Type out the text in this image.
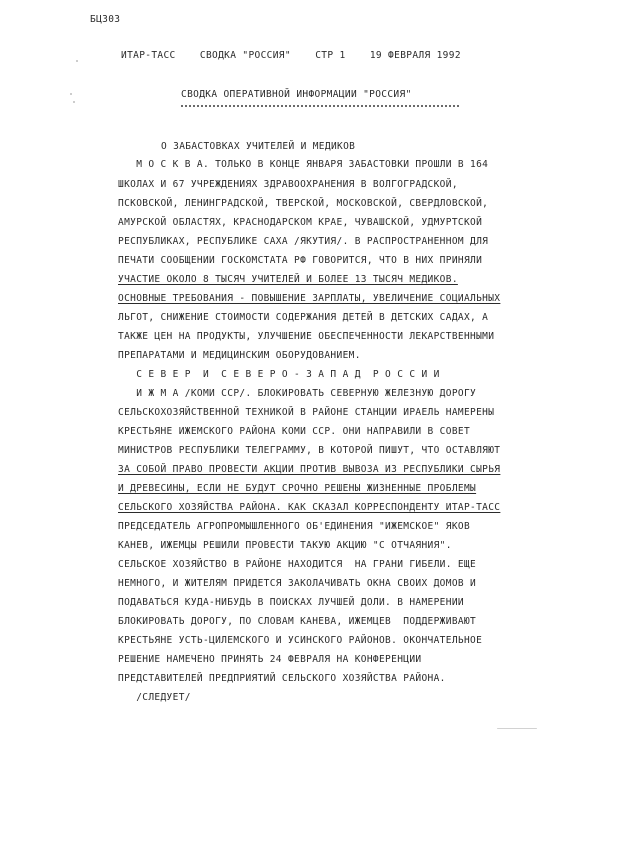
БЦ303
ИТАР-ТАСС    СВОДКА "РОССИЯ"    СТР 1    19 ФЕВРАЛЯ 1992
СВОДКА ОПЕРАТИВНОЙ ИНФОРМАЦИИ "РОССИЯ"
О ЗАБАСТОВКАХ УЧИТЕЛЕЙ И МЕДИКОВ
М О С К В А. ТОЛЬКО В КОНЦЕ ЯНВАРЯ ЗАБАСТОВКИ ПРОШЛИ В 164
ШКОЛАХ И 67 УЧРЕЖДЕНИЯХ ЗДРАВООХРАНЕНИЯ В ВОЛГОГРАДСКОЙ,
ПСКОВСКОЙ, ЛЕНИНГРАДСКОЙ, ТВЕРСКОЙ, МОСКОВСКОЙ, СВЕРДЛОВСКОЙ,
АМУРСКОЙ ОБЛАСТЯХ, КРАСНОДАРСКОМ КРАЕ, ЧУВАШСКОЙ, УДМУРТСКОЙ
РЕСПУБЛИКАХ, РЕСПУБЛИКЕ САХА /ЯКУТИЯ/. В РАСПРОСТРАНЕННОМ ДЛЯ
ПЕЧАТИ СООБЩЕНИИ ГОСКОМСТАТА РФ ГОВОРИТСЯ, ЧТО В НИХ ПРИНЯЛИ
УЧАСТИЕ ОКОЛО 8 ТЫСЯЧ УЧИТЕЛЕЙ И БОЛЕЕ 13 ТЫСЯЧ МЕДИКОВ.
ОСНОВНЫЕ ТРЕБОВАНИЯ - ПОВЫШЕНИЕ ЗАРПЛАТЫ, УВЕЛИЧЕНИЕ СОЦИАЛЬНЫХ
ЛЬГОТ, СНИЖЕНИЕ СТОИМОСТИ СОДЕРЖАНИЯ ДЕТЕЙ В ДЕТСКИХ САДАХ, А
ТАКЖЕ ЦЕН НА ПРОДУКТЫ, УЛУЧШЕНИЕ ОБЕСПЕЧЕННОСТИ ЛЕКАРСТВЕННЫМИ
ПРЕПАРАТАМИ И МЕДИЦИНСКИМ ОБОРУДОВАНИЕМ.
С Е В Е Р  И  С Е В Е Р О - З А П А Д  Р О С С И И
И Ж М А /КОМИ ССР/. БЛОКИРОВАТЬ СЕВЕРНУЮ ЖЕЛЕЗНУЮ ДОРОГУ
СЕЛЬСКОХОЗЯЙСТВЕННОЙ ТЕХНИКОЙ В РАЙОНЕ СТАНЦИИ ИРАЕЛЬ НАМЕРЕНЫ
КРЕСТЬЯНЕ ИЖЕМСКОГО РАЙОНА КОМИ ССР. ОНИ НАПРАВИЛИ В СОВЕТ
МИНИСТРОВ РЕСПУБЛИКИ ТЕЛЕГРАММУ, В КОТОРОЙ ПИШУТ, ЧТО ОСТАВЛЯЮТ
ЗА СОБОЙ ПРАВО ПРОВЕСТИ АКЦИИ ПРОТИВ ВЫВОЗА ИЗ РЕСПУБЛИКИ СЫРЬЯ
И ДРЕВЕСИНЫ, ЕСЛИ НЕ БУДУТ СРОЧНО РЕШЕНЫ ЖИЗНЕННЫЕ ПРОБЛЕМЫ
СЕЛЬСКОГО ХОЗЯЙСТВА РАЙОНА. КАК СКАЗАЛ КОРРЕСПОНДЕНТУ ИТАР-ТАСС
ПРЕДСЕДАТЕЛЬ АГРОПРОМЫШЛЕННОГО ОБ'ЕДИНЕНИЯ "ИЖЕМСКОЕ" ЯКОВ
КАНЕВ, ИЖЕМЦЫ РЕШИЛИ ПРОВЕСТИ ТАКУЮ АКЦИЮ "С ОТЧАЯНИЯ".
СЕЛЬСКОЕ ХОЗЯЙСТВО В РАЙОНЕ НАХОДИТСЯ  НА ГРАНИ ГИБЕЛИ. ЕЩЕ
НЕМНОГО, И ЖИТЕЛЯМ ПРИДЕТСЯ ЗАКОЛАЧИВАТЬ ОКНА СВОИХ ДОМОВ И
ПОДАВАТЬСЯ КУДА-НИБУДЬ В ПОИСКАХ ЛУЧШЕЙ ДОЛИ. В НАМЕРЕНИИ
БЛОКИРОВАТЬ ДОРОГУ, ПО СЛОВАМ КАНЕВА, ИЖЕМЦЕВ  ПОДДЕРЖИВАЮТ
КРЕСТЬЯНЕ УСТЬ-ЦИЛЕМСКОГО И УСИНСКОГО РАЙОНОВ. ОКОНЧАТЕЛЬНОЕ
РЕШЕНИЕ НАМЕЧЕНО ПРИНЯТЬ 24 ФЕВРАЛЯ НА КОНФЕРЕНЦИИ
ПРЕДСТАВИТЕЛЕЙ ПРЕДПРИЯТИЙ СЕЛЬСКОГО ХОЗЯЙСТВА РАЙОНА.
/СЛЕДУЕТ/
